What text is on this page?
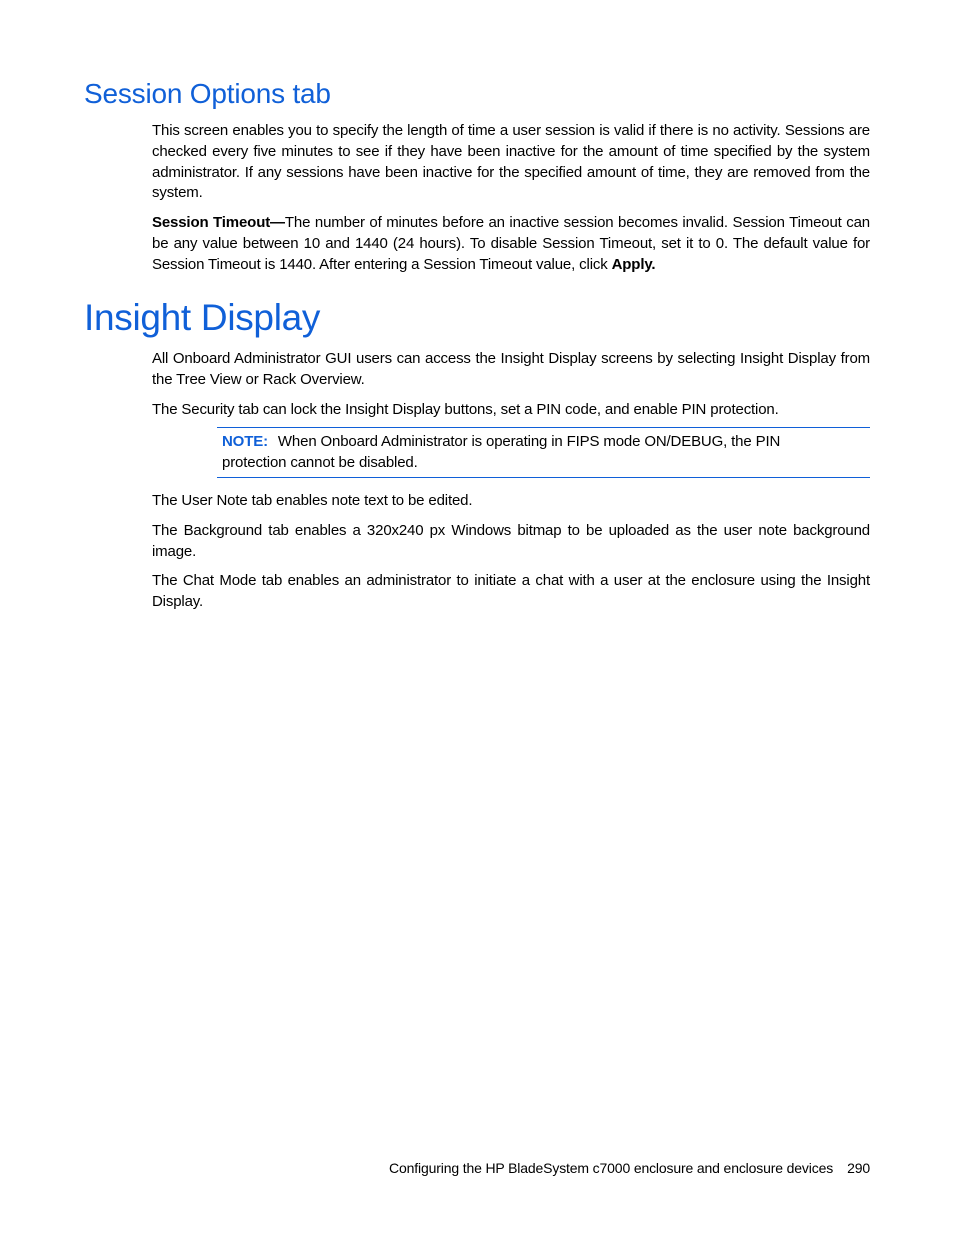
Session Options tab

This screen enables you to specify the length of time a user session is valid if there is no activity. Sessions are checked every five minutes to see if they have been inactive for the amount of time specified by the system administrator. If any sessions have been inactive for the specified amount of time, they are removed from the system.

Session Timeout—The number of minutes before an inactive session becomes invalid. Session Timeout can be any value between 10 and 1440 (24 hours). To disable Session Timeout, set it to 0. The default value for Session Timeout is 1440. After entering a Session Timeout value, click Apply.

Insight Display

All Onboard Administrator GUI users can access the Insight Display screens by selecting Insight Display from the Tree View or Rack Overview.

The Security tab can lock the Insight Display buttons, set a PIN code, and enable PIN protection.

NOTE: When Onboard Administrator is operating in FIPS mode ON/DEBUG, the PIN protection cannot be disabled.

The User Note tab enables note text to be edited.

The Background tab enables a 320x240 px Windows bitmap to be uploaded as the user note background image.

The Chat Mode tab enables an administrator to initiate a chat with a user at the enclosure using the Insight Display.

Configuring the HP BladeSystem c7000 enclosure and enclosure devices 290
